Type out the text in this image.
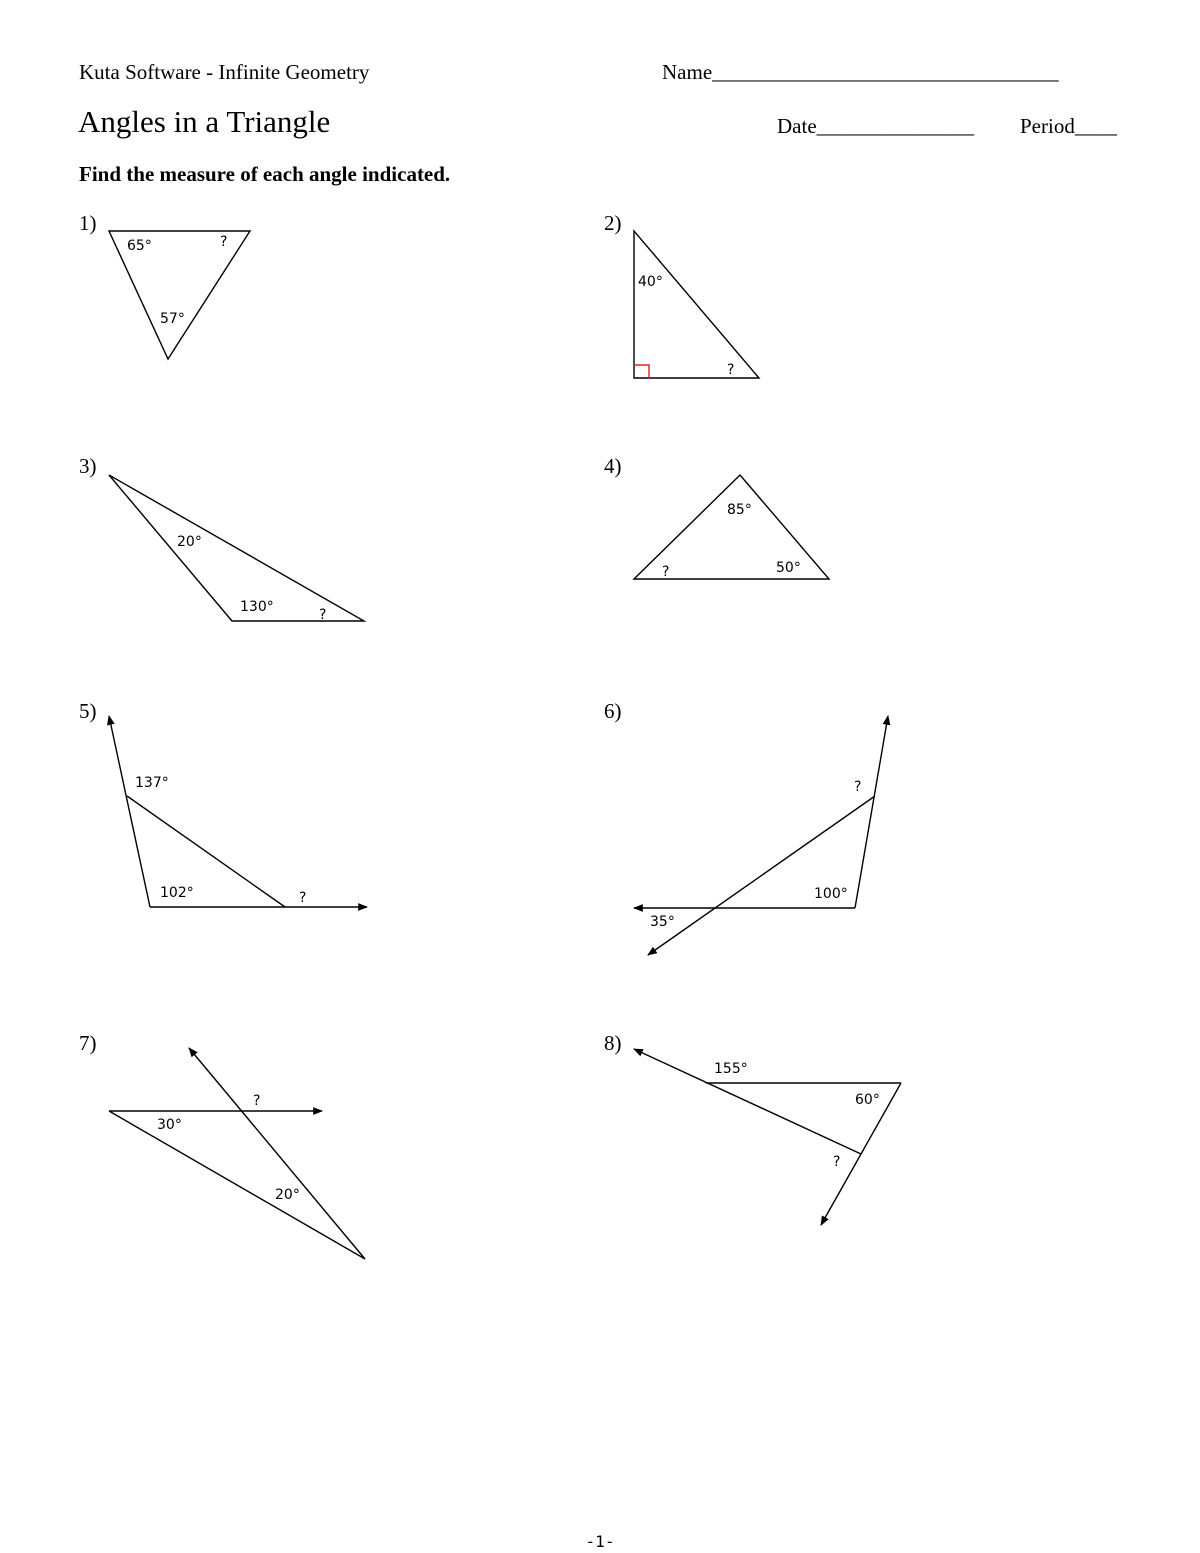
Kuta Software - Infinite Geometry	Name_________________________________
Angles in a Triangle	Date_______________ Period____
Find the measure of each angle indicated.
1)
65°	?
57°
2)
40°
?
3)
20°
130°	?
4)
85°
?	50°
5)
137°
102°	?
6)
?
100°
35°
7)
?
30°
20°
8)
155°
60°
?
-1-
